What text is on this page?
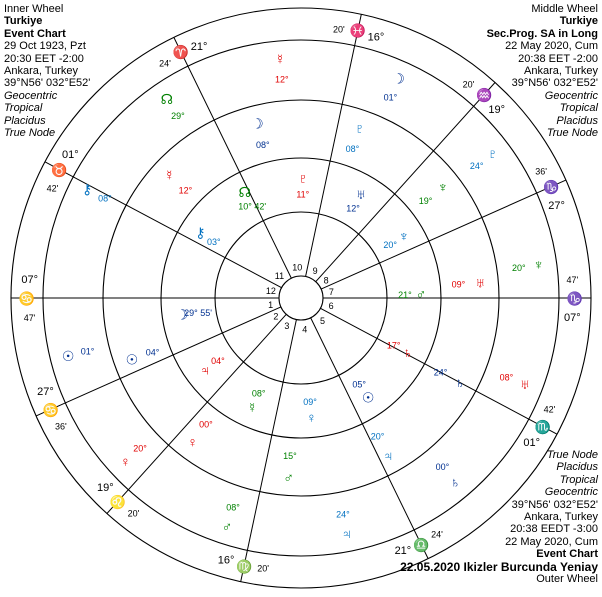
Inner Wheel
Turkiye
Event Chart
29 Oct 1923, Pzt
20:30 EET -2:00
Ankara, Turkey
39°N56' 032°E52'
Geocentric
Tropical
Placidus
True Node
Middle Wheel
Turkiye
Sec.Prog. SA in Long
22 May 2020, Cum
20:38 EET -2:00
Ankara, Turkey
39°N56' 032°E52'
Geocentric
Tropical
Placidus
True Node
True Node
Placidus
Tropical
Geocentric
39°N56' 032°E52'
Ankara, Turkey
20:38 EEDT -3:00
22 May 2020, Cum
Event Chart
22.05.2020 Ikizler Burcunda Yeniay
Outer Wheel
07°
♋
47'
27°
♋
36'
19°
♌
20'
16° ♍ 20'
21° ♎
24'
01°
♏
42'
07°
♑
47'
27°
♑
36'
19°
♒
20'
16°
♓
20'
21°
♈
24'
01°
♉
42'
1
2
3 4
5
6
7
8
9
10
11
12
☽
29° 55'
♃
04°
☿
08°
♀
09°	☉
05°
♄
17°
♂
21°
♆
20°
♅
12°
♇
11°
☊
10° 42'
⚷
03°
☉ 04°
♀
00°
♂
15°	♃
20°
♄
24°
♅
09°
♆
19°
♇
08°
☽
08°
☿
12°
☉ 01°
♀
20°
♂
08°
♃
24°
♄
00°
♅
08°
♆
20°
♇
24°
☽
01°
☿
12°
☊
29°
⚷
08°
